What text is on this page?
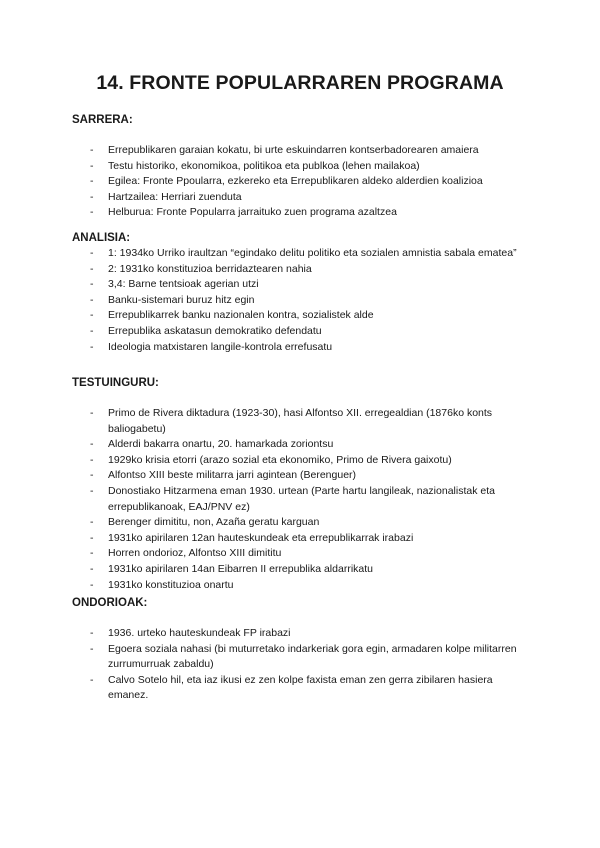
14. FRONTE POPULARRAREN PROGRAMA

SARRERA:

- Errepublikaren garaian kokatu, bi urte eskuindarren kontserbadorearen amaiera
- Testu historiko, ekonomikoa, politikoa eta publkoa (lehen mailakoa)
- Egilea: Fronte Ppoularra, ezkereko eta Errepublikaren aldeko alderdien koalizioa
- Hartzailea: Herriari zuenduta
- Helburua: Fronte Popularra jarraituko zuen programa azaltzea

ANALISIA:

- 1: 1934ko Urriko iraultzan “egindako delitu politiko eta sozialen amnistia sabala ematea”
- 2: 1931ko konstituzioa berridaztearen nahia
- 3,4: Barne tentsioak agerian utzi
- Banku-sistemari buruz hitz egin
- Errepublikarrek banku nazionalen kontra, sozialistek alde
- Errepublika askatasun demokratiko defendatu
- Ideologia matxistaren langile-kontrola errefusatu

TESTUINGURU:

- Primo de Rivera diktadura (1923-30), hasi Alfontso XII. erregealdian (1876ko konts baliogabetu)
- Alderdi bakarra onartu, 20. hamarkada zoriontsu
- 1929ko krisia etorri (arazo sozial eta ekonomiko, Primo de Rivera gaixotu)
- Alfontso XIII beste militarra jarri agintean (Berenguer)
- Donostiako Hitzarmena eman 1930. urtean (Parte hartu langileak, nazionalistak eta errepublikanoak, EAJ/PNV ez)
- Berenger dimititu, non, Azaña geratu karguan
- 1931ko apirilaren 12an hauteskundeak eta errepublikarrak irabazi
- Horren ondorioz, Alfontso XIII dimititu
- 1931ko apirilaren 14an Eibarren II errepublika aldarrikatu
- 1931ko konstituzioa onartu

ONDORIOAK:

- 1936. urteko hauteskundeak FP irabazi
- Egoera soziala nahasi (bi muturretako indarkeriak gora egin, armadaren kolpe militarren zurrumurruak zabaldu)
- Calvo Sotelo hil, eta iaz ikusi ez zen kolpe faxista eman zen gerra zibilaren hasiera emanez.
